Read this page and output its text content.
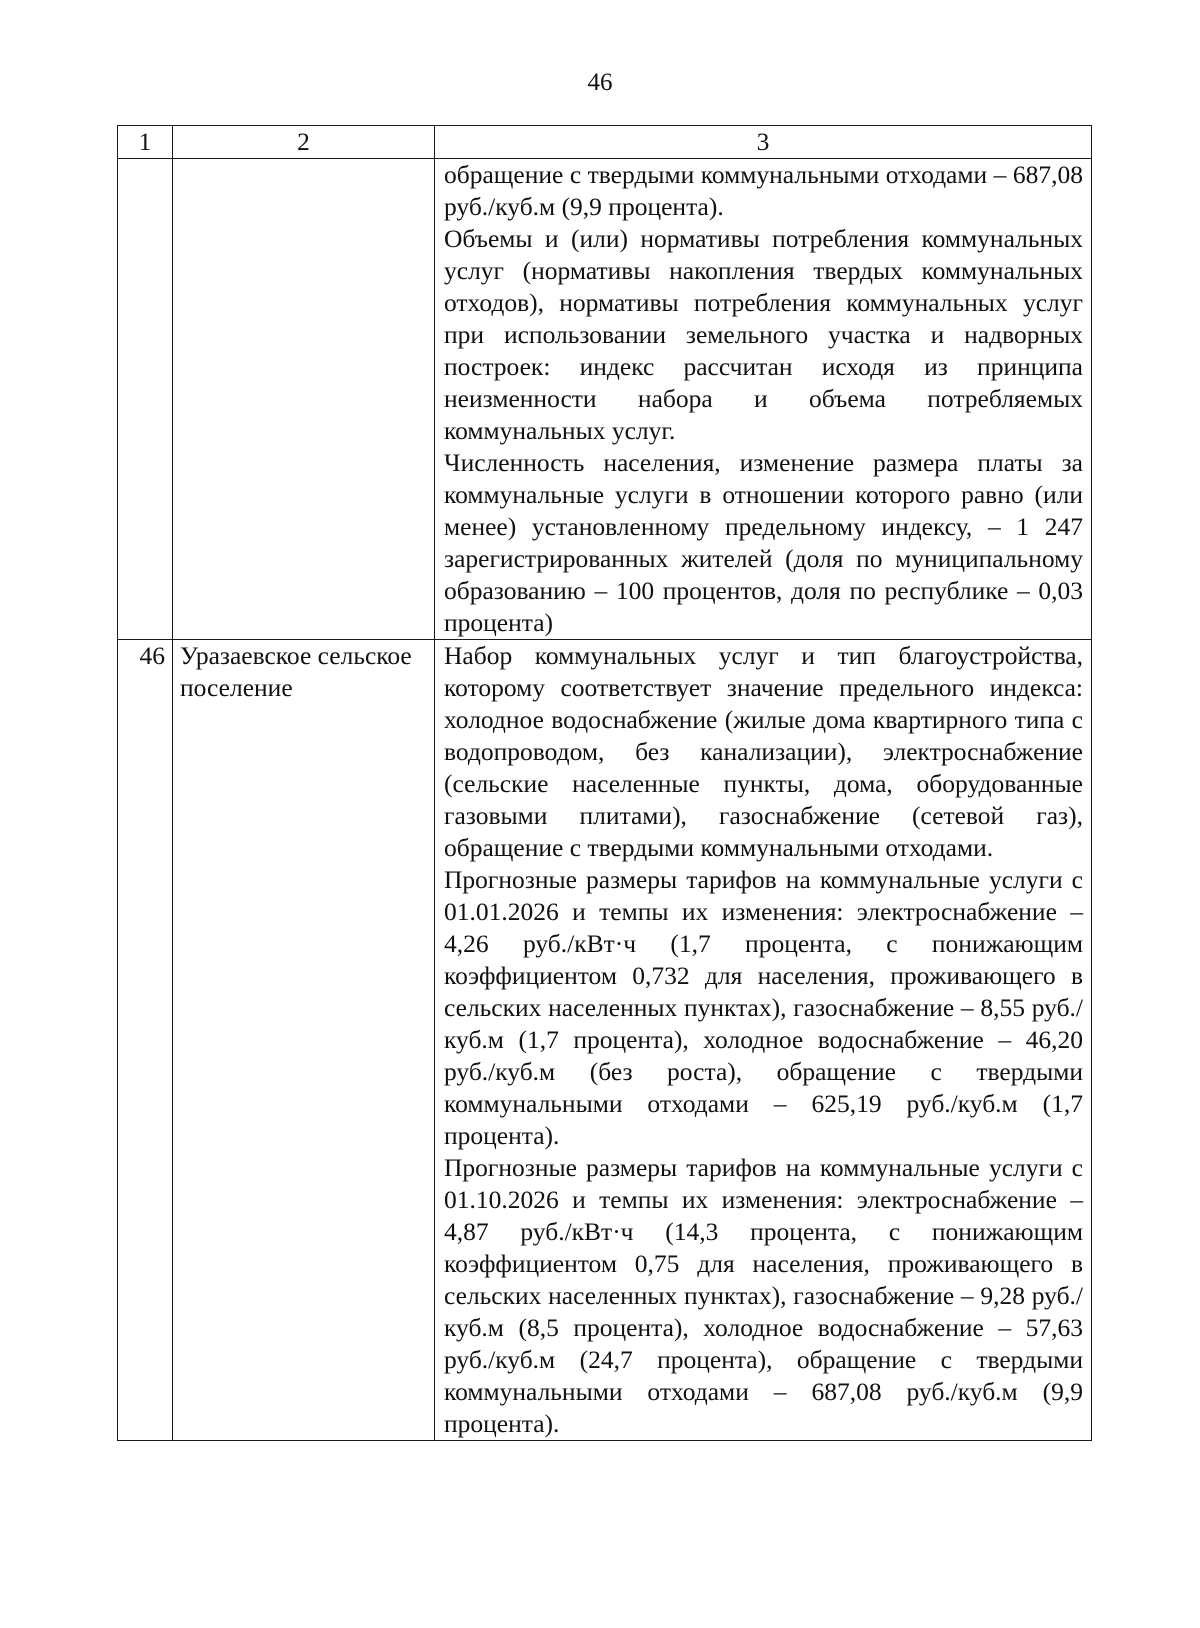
46
1	2	3

		обращение с твердыми коммунальными отходами – 687,08 руб./куб.м (9,9 процента).

Объемы и (или) нормативы потребления коммунальных услуг (нормативы накопления твердых коммунальных отходов), нормативы потребления коммунальных услуг при использовании земельного участка и надворных построек: индекс рассчитан исходя из принципа неизменности набора и объема потребляемых коммунальных услуг.

Численность населения, изменение размера платы за коммунальные услуги в отношении которого равно (или менее) установленному предельному индексу, – 1 247 зарегистрированных жителей (доля по муниципальному образованию – 100 процентов, доля по республике – 0,03 процента)

46	Уразаевское сельское поселение	Набор коммунальных услуг и тип благоустройства, которому соответствует значение предельного индекса: холодное водоснабжение (жилые дома квартирного типа с водопроводом, без канализации), электроснабжение (сельские населенные пункты, дома, оборудованные газовыми плитами), газоснабжение (сетевой газ), обращение с твердыми коммунальными отходами.

Прогнозные размеры тарифов на коммунальные услуги с 01.01.2026 и темпы их изменения: электроснабжение – 4,26 руб./кВт·ч (1,7 процента, с понижающим коэффициентом 0,732 для населения, проживающего в сельских населенных пунктах), газоснабжение – 8,55 руб./куб.м (1,7 процента), холодное водоснабжение – 46,20 руб./куб.м (без роста), обращение с твердыми коммунальными отходами – 625,19 руб./куб.м (1,7 процента).

Прогнозные размеры тарифов на коммунальные услуги с 01.10.2026 и темпы их изменения: электроснабжение – 4,87 руб./кВт·ч (14,3 процента, с понижающим коэффициентом 0,75 для населения, проживающего в сельских населенных пунктах), газоснабжение – 9,28 руб./куб.м (8,5 процента), холодное водоснабжение – 57,63 руб./куб.м (24,7 процента), обращение с твердыми коммунальными отходами – 687,08 руб./куб.м (9,9 процента).
